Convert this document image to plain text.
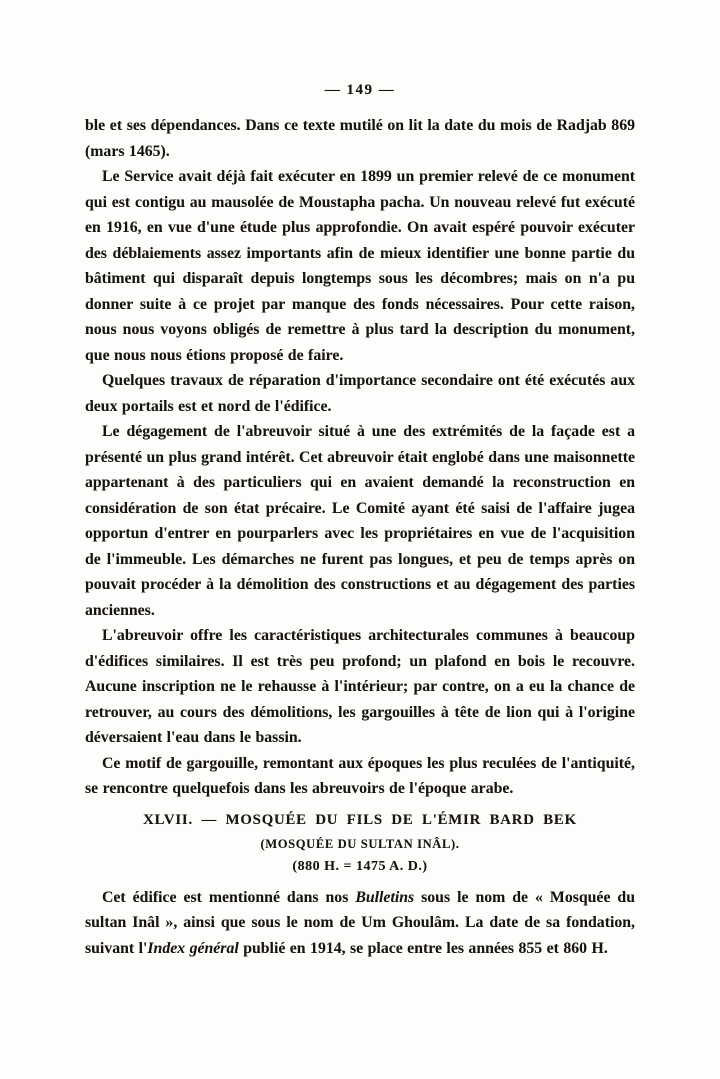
— 149 —

ble et ses dépendances. Dans ce texte mutilé on lit la date du mois de Radjab 869 (mars 1465).

Le Service avait déjà fait exécuter en 1899 un premier relevé de ce monument qui est contigu au mausolée de Moustapha pacha. Un nouveau relevé fut exécuté en 1916, en vue d'une étude plus approfondie. On avait espéré pouvoir exécuter des déblaiements assez importants afin de mieux identifier une bonne partie du bâtiment qui disparaît depuis longtemps sous les décombres; mais on n'a pu donner suite à ce projet par manque des fonds nécessaires. Pour cette raison, nous nous voyons obligés de remettre à plus tard la description du monument, que nous nous étions proposé de faire.

Quelques travaux de réparation d'importance secondaire ont été exécutés aux deux portails est et nord de l'édifice.

Le dégagement de l'abreuvoir situé à une des extrémités de la façade est a présenté un plus grand intérêt. Cet abreuvoir était englobé dans une maisonnette appartenant à des particuliers qui en avaient demandé la reconstruction en considération de son état précaire. Le Comité ayant été saisi de l'affaire jugea opportun d'entrer en pourparlers avec les propriétaires en vue de l'acquisition de l'immeuble. Les démarches ne furent pas longues, et peu de temps après on pouvait procéder à la démolition des constructions et au dégagement des parties anciennes.

L'abreuvoir offre les caractéristiques architecturales communes à beaucoup d'édifices similaires. Il est très peu profond; un plafond en bois le recouvre. Aucune inscription ne le rehausse à l'intérieur; par contre, on a eu la chance de retrouver, au cours des démolitions, les gargouilles à tête de lion qui à l'origine déversaient l'eau dans le bassin.

Ce motif de gargouille, remontant aux époques les plus reculées de l'antiquité, se rencontre quelquefois dans les abreuvoirs de l'époque arabe.

XLVII. — MOSQUÉE DU FILS DE L'ÉMIR BARD BEK
(MOSQUÉE DU SULTAN INÂL).
(880 H. = 1475 A. D.)

Cet édifice est mentionné dans nos Bulletins sous le nom de « Mosquée du sultan Inâl », ainsi que sous le nom de Um Ghoulâm. La date de sa fondation, suivant l'Index général publié en 1914, se place entre les années 855 et 860 H.
